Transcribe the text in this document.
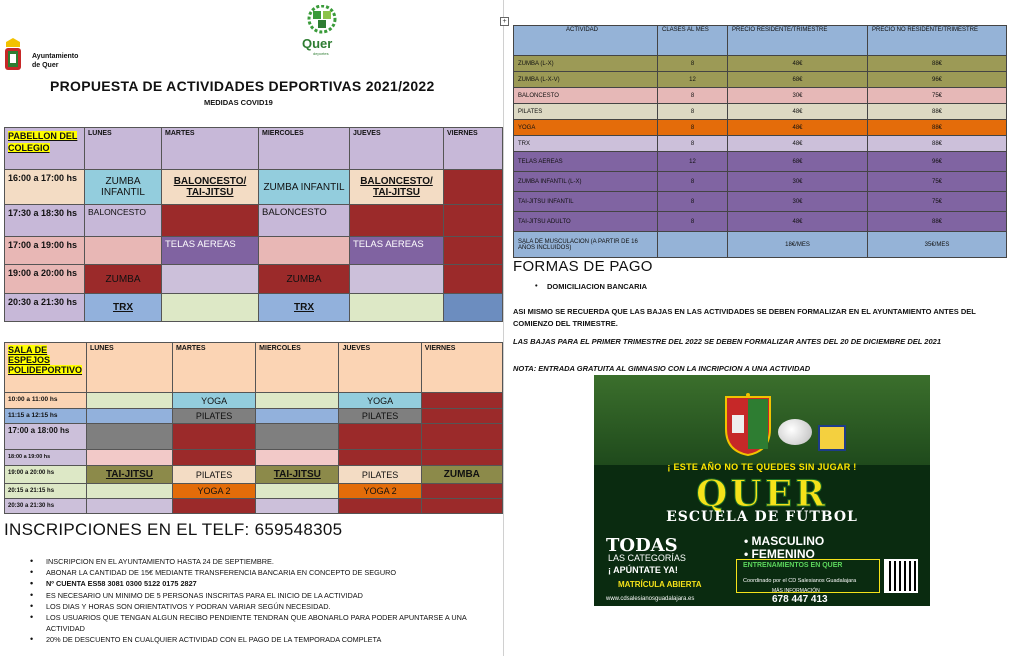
Ayuntamiento
de Quer
Quer
deportes
PROPUESTA DE ACTIVIDADES DEPORTIVAS 2021/2022
MEDIDAS COVID19
PABELLON DEL COLEGIO	LUNES	MARTES	MIERCOLES	JUEVES	VIERNES
16:00 a 17:00 hs	ZUMBA INFANTIL	BALONCESTO/ TAI-JITSU	ZUMBA INFANTIL	BALONCESTO/ TAI-JITSU	
17:30 a 18:30 hs	BALONCESTO		BALONCESTO		
17:00 a 19:00 hs		TELAS AEREAS		TELAS AEREAS	
19:00 a 20:00 hs	ZUMBA		ZUMBA		
20:30 a 21:30 hs	TRX		TRX		
SALA DE ESPEJOS POLIDEPORTIVO	LUNES	MARTES	MIERCOLES	JUEVES	VIERNES
10:00 a 11:00 hs		YOGA		YOGA	
11:15 a 12:15 hs		PILATES		PILATES	
17:00 a 18:00 hs					
18:00 a 19:00 hs					
19:00 a 20:00 hs	TAI-JITSU	PILATES	TAI-JITSU	PILATES	ZUMBA
20:15 a 21:15 hs		YOGA 2		YOGA 2	
20:30 a 21:30 hs					
INSCRIPCIONES EN EL TELF: 659548305
• INSCRIPCION EN EL AYUNTAMIENTO HASTA 24 DE SEPTIEMBRE.
• ABONAR LA CANTIDAD DE 15€ MEDIANTE TRANSFERENCIA BANCARIA EN CONCEPTO DE SEGURO
• Nº CUENTA ES58 3081 0300 5122 0175 2827
• ES NECESARIO UN MINIMO DE 5 PERSONAS INSCRITAS PARA EL INICIO DE LA ACTIVIDAD
• LOS DIAS Y HORAS SON ORIENTATIVOS Y PODRAN VARIAR SEGÚN NECESIDAD.
• LOS USUARIOS QUE TENGAN ALGUN RECIBO PENDIENTE TENDRAN QUE ABONARLO PARA PODER APUNTARSE A UNA ACTIVIDAD
• 20% DE DESCUENTO EN CUALQUIER ACTIVIDAD CON EL PAGO DE LA TEMPORADA COMPLETA
+
ACTIVIDAD	CLASES AL MES	PRECIO RESIDENTE/TRIMESTRE	PRECIO NO RESIDENTE/TRIMESTRE
ZUMBA (L-X)	8	48€	88€
ZUMBA (L-X-V)	12	68€	96€
BALONCESTO	8	30€	75€
PILATES	8	48€	88€
YOGA	8	48€	88€
TRX	8	48€	88€
TELAS AEREAS	12	68€	96€
ZUMBA INFANTIL (L-X)	8	30€	75€
TAI-JITSU INFANTIL	8	30€	75€
TAI-JITSU ADULTO	8	48€	88€
SALA DE MUSCULACION (A PARTIR DE 16 AÑOS INCLUIDOS)		18€/MES	35€/MES
FORMAS DE PAGO
• DOMICILIACION BANCARIA
ASI MISMO SE RECUERDA QUE LAS BAJAS EN LAS ACTIVIDADES SE DEBEN FORMALIZAR EN EL AYUNTAMIENTO ANTES DEL COMIENZO DEL TRIMESTRE.
LAS BAJAS PARA EL PRIMER TRIMESTRE DEL 2022 SE DEBEN FORMALIZAR ANTES DEL 20 DE DICIEMBRE DEL 2021
NOTA: ENTRADA GRATUITA AL GIMNASIO CON LA INCRIPCION A UNA ACTIVIDAD
¡ ESTE AÑO NO TE QUEDES SIN JUGAR !
QUER
ESCUELA DE FÚTBOL
TODAS
LAS CATEGORÍAS
• MASCULINO
• FEMENINO
¡ APÚNTATE YA!
MATRÍCULA ABIERTA
ENTRENAMIENTOS EN QUER
Coordinado por el CD Salesianos Guadalajara
www.cdsalesianosguadalajara.es
MÁS INFORMACIÓN
678 447 413
